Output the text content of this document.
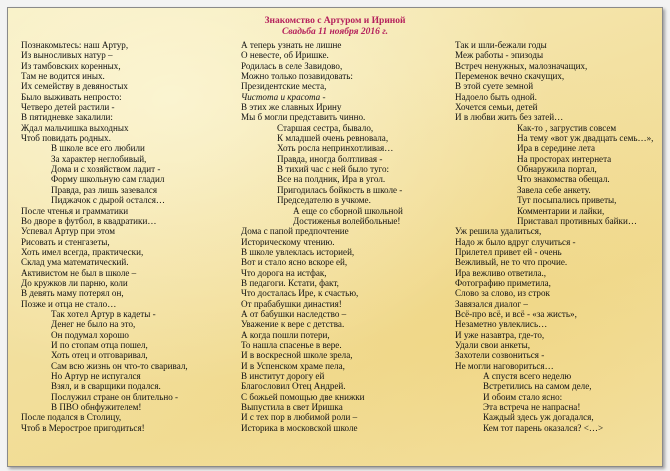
Знакомство с Артуром и Ириной
Свадьба 11 ноября 2016 г.
Познакомьтесь: наш Артур,
Из выносливых натур –
Из тамбовских коренных,
Там не водится иных.
Их семейству в девяностых
Было выживать непросто:
Четверо детей растили -
В пятидневке закалили:
Ждал мальчишка выходных
Чтоб повидать родных.
В школе все его любили
За характер неглобивый,
Дома и с хозяйством ладит -
Форму школьную сам гладил
Правда, раз лишь зазевался
Пиджачок с дырой остался…
После чтенья и грамматики
Во дворе в футбол, в квадратики…
Успевал Артур при этом
Рисовать и стенгазеты,
Хоть имел всегда, практически,
Склад ума математический.
Активистом не был в школе –
До кружков ли парню, коли
В девять маму потерял он,
Позже и отца не стало…
Так хотел Артур в кадеты -
Денег не было на это,
Он подумал хорошо
И по стопам отца пошел,
Хоть отец и отговаривал,
Сам всю жизнь он что-то сваривал,
Но Артур не испугался
Взял, и в сварщики подался.
Послужил стране он блительно -
В ПВО обнфужителем!
После подался в Столицу,
Чтоб в Мерострое пригодиться!
А теперь узнать не лишне
О невесте, об Иришке.
Родилась в селе Завидово,
Можно только позавидовать:
Президентские места,
Чистота и красота -
В этих же славных Ирину
Мы б могли представить чинно.
Старшая сестра, бывало,
К младшей очень ревновала,
Хоть росла непринхотливая…
Правда, иногда болтливая -
В тихий час с ней было туго:
Все на полдник, Ира в угол.
Пригодилась бойкость в школе -
Председателю в учкоме.
А еще со сборной школьной
Достиженья волейбольные!
Дома с папой предпочтение
Историческому чтению.
В школе увлеклась историей,
Вот и стало ясно вскоре ей,
Что дорога на истфак,
В педагоги. Кстати, факт,
Что досталась Ире, к счастью,
От прабабушки династия!
А от бабушки наследство –
Уважение к вере с детства.
А когда пошли потери,
То нашла спасенье в вере.
И в воскресной школе зрела,
И в Успенском храме пела,
В институт дорогу ей
Благословил Отец Андрей.
С божьей помощью две книжки
Выпустила в свет Иришка
И с тех пор в любимой роли –
Историка в московской школе
Так и шли-бежали годы
Меж работы - эпизоды
Встреч ненужных, малозначащих,
Переменок вечно скачущих,
В этой суете земной
Надоело быть одной.
Хочется семьи, детей
И в любви жить без затей…
Как-то , загрустив совсем
На тему «вот уж двадцать семь…»,
Ира в середине лета
На просторах интернета
Обнаружила портал,
Что знакомства обещал.
Завела себе анкету.
Тут посыпались приветы,
Комментарии и лайки,
Приставал противных байки…
Уж решила удалиться,
Надо ж было вдруг случиться -
Прилетел привет ей - очень
Вежливый, не то что прочие.
Ира вежливо ответила.,
Фотографию приметила,
Слово за слово, из строк
Завязался диалог –
Всё-про всё, и всё - «за жисть»,
Незаметно увлеклись…
И уже назавтра, где-то,
Удали свои анкеты,
Захотели созвониться -
Не могли наговориться…
А спустя всего неделю
Встретились на самом деле,
И обоим стало ясно:
Эта встреча не напрасна!
Каждый здесь уж догадался,
Кем тот парень оказался? <…>
